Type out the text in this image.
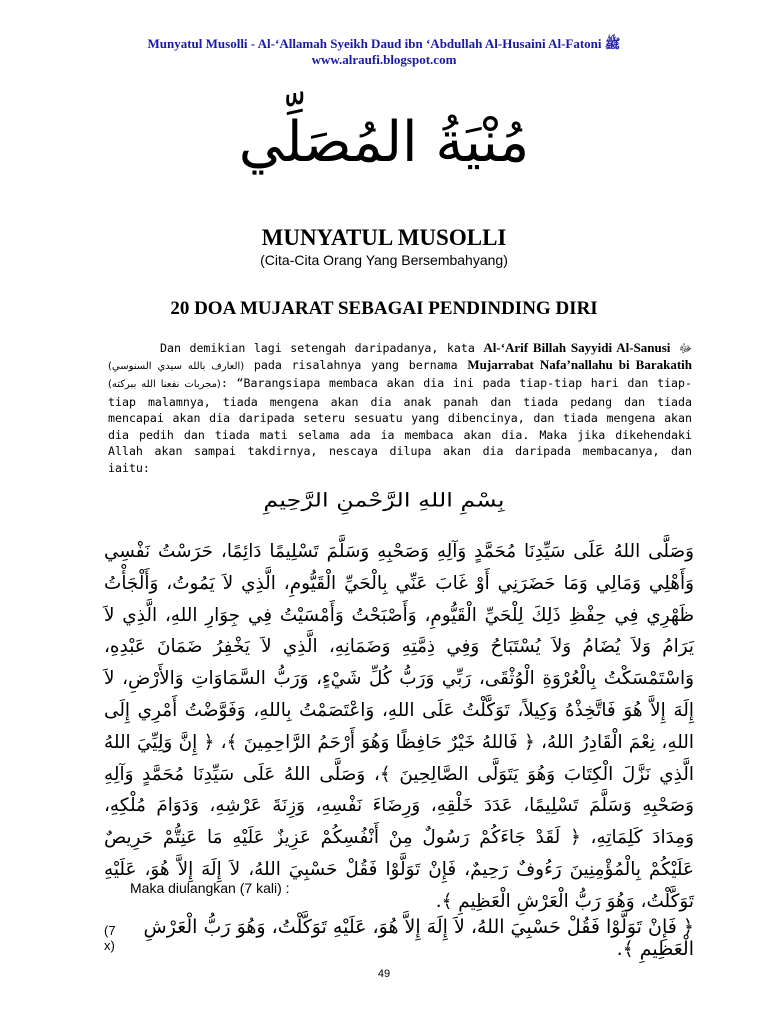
Munyatul Musolli - Al-‘Allamah Syeikh Daud ibn ‘Abdullah Al-Husaini Al-Fatoni ﷺ
www.alraufi.blogspot.com
مُنْيَةُ المُصَلِّي
MUNYATUL MUSOLLI
(Cita-Cita Orang Yang Bersembahyang)
20 DOA MUJARAT SEBAGAI PENDINDING DIRI
Dan demikian lagi setengah daripadanya, kata Al-‘Arif Billah Sayyidi Al-Sanusi ﷻ (العارف بالله سيدي السنوسي) pada risalahnya yang bernama Mujarrabat Nafa’nallahu bi Barakatih (مجربات نفعنا الله ببركته): “Barangsiapa membaca akan dia ini pada tiap-tiap hari dan tiap-tiap malamnya, tiada mengena akan dia anak panah dan tiada pedang dan tiada mencapai akan dia daripada seteru sesuatu yang dibencinya, dan tiada mengena akan dia pedih dan tiada mati selama ada ia membaca akan dia. Maka jika dikehendaki Allah akan sampai takdirnya, nescaya dilupa akan dia daripada membacanya, dan iaitu:
بِسْمِ اللهِ الرَّحْمنِ الرَّحِيمِ
وَصَلَّى اللهُ عَلَى سَيِّدِنَا مُحَمَّدٍ وَآلِهِ وَصَحْبِهِ وَسَلَّمَ تَسْلِيمًا دَائِمًا، حَرَسْتُ نَفْسِي وَأَهْلِي وَمَالِي وَمَا حَضَرَنِي أَوْ غَابَ عَنِّي بِالْحَيِّ الْقَيُّومِ، الَّذِي لاَ يَمُوتُ، وَأَلْجَأْتُ ظَهْرِي فِي حِفْظِ ذَلِكَ لِلْحَيِّ الْقَيُّومِ، وَأَصْبَحْتُ وَأَمْسَيْتُ فِي جِوَارِ اللهِ، الَّذِي لاَ يَرَامُ وَلاَ يُضَامُ وَلاَ يُسْتَبَاحُ وَفِي ذِمَّتِهِ وَضَمَانِهِ، الَّذِي لاَ يَخْفِرُ ضَمَانَ عَبْدِهِ، وَاسْتَمْسَكْتُ بِالْعُرْوَةِ الْوُثْقَى، رَبِّي وَرَبُّ كُلِّ شَيْءٍ، وَرَبُّ السَّمَاوَاتِ وَالأَرْضِ، لاَ إِلَهَ إِلاَّ هُوَ فَاتَّخِذْهُ وَكِيلاً، تَوَكَّلْتُ عَلَى اللهِ، وَاعْتَصَمْتُ بِاللهِ، وَفَوَّضْتُ أَمْرِي إِلَى اللهِ، نِعْمَ الْقَادِرُ اللهُ، ﴿ فَاللهُ خَيْرٌ حَافِظًا وَهُوَ أَرْحَمُ الرَّاحِمِينَ ﴾، ﴿ إِنَّ وَلِيِّيَ اللهُ الَّذِي نَزَّلَ الْكِتَابَ وَهُوَ يَتَوَلَّى الصَّالِحِينَ ﴾، وَصَلَّى اللهُ عَلَى سَيِّدِنَا مُحَمَّدٍ وَآلِهِ وَصَحْبِهِ وَسَلَّمَ تَسْلِيمًا، عَدَدَ خَلْقِهِ، وَرِضَاءَ نَفْسِهِ، وَزِنَةَ عَرْشِهِ، وَدَوَامَ مُلْكِهِ، وَمِدَادَ كَلِمَاتِهِ، ﴿ لَقَدْ جَاءَكُمْ رَسُولٌ مِنْ أَنْفُسِكُمْ عَزِيزٌ عَلَيْهِ مَا عَنِتُّمْ حَرِيصٌ عَلَيْكُمْ بِالْمُؤْمِنِينَ رَءُوفٌ رَحِيمٌ، فَإِنْ تَوَلَّوْا فَقُلْ حَسْبِيَ اللهُ، لاَ إِلَهَ إِلاَّ هُوَ، عَلَيْهِ تَوَكَّلْتُ، وَهُوَ رَبُّ الْعَرْشِ الْعَظِيمِ ﴾.
Maka diulangkan (7 kali) :
﴿ فَإِنْ تَوَلَّوْا فَقُلْ حَسْبِيَ اللهُ، لاَ إِلَهَ إِلاَّ هُوَ، عَلَيْهِ تَوَكَّلْتُ، وَهُوَ رَبُّ الْعَرْشِ الْعَظِيمِ ﴾.
(7 x)
49
